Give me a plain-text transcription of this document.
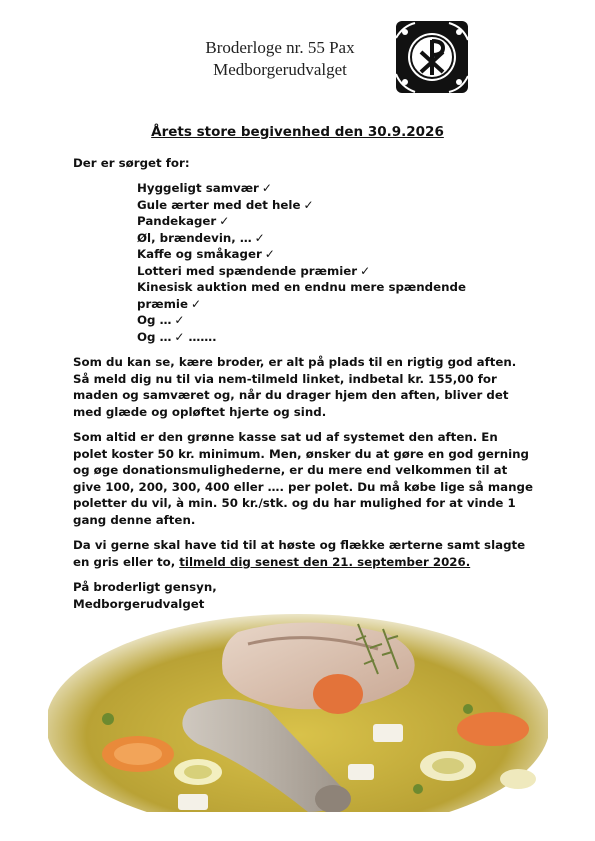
Broderloge nr. 55 Pax
Medborgerudvalget
Årets store begivenhed den 30.9.2026
Der er sørget for:
Hyggeligt samvær ✓
Gule ærter med det hele ✓
Pandekager ✓
Øl, brændevin, … ✓
Kaffe og småkager ✓
Lotteri med spændende præmier ✓
Kinesisk auktion med en endnu mere spændende præmie ✓
Og … ✓
Og … ✓ …….

Som du kan se, kære broder, er alt på plads til en rigtig god aften. Så meld dig nu til via nem-tilmeld linket, indbetal kr. 155,00 for maden og samværet og, når du drager hjem den aften, bliver det med glæde og opløftet hjerte og sind.

Som altid er den grønne kasse sat ud af systemet den aften. En polet koster 50 kr. minimum. Men, ønsker du at gøre en god gerning og øge donationsmulighederne, er du mere end velkommen til at give 100, 200, 300, 400 eller …. per polet. Du må købe lige så mange poletter du vil, à min. 50 kr./stk. og du har mulighed for at vinde 1 gang denne aften.

Da vi gerne skal have tid til at høste og flække ærterne samt slagte en gris eller to, tilmeld dig senest den 21. september 2026.

På broderligt gensyn,
Medborgerudvalget
